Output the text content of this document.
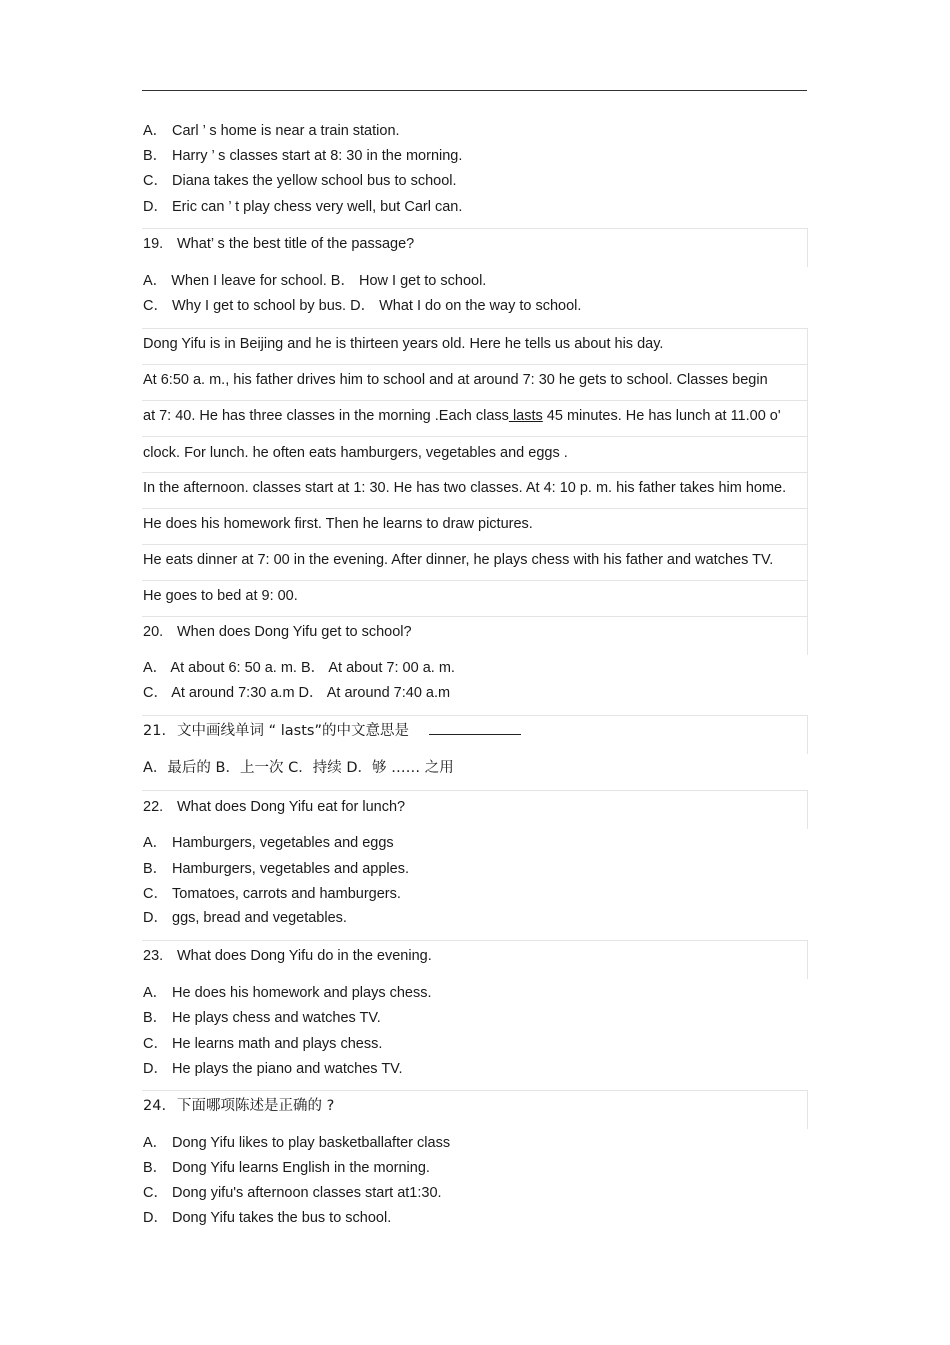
A． Carl ’ s home is near a train station.
B． Harry ’ s classes start at 8: 30 in the morning.
C． Diana takes the yellow school bus to school.
D． Eric can ’ t play chess very well, but Carl can.
19. What’ s the best title of the passage?
A． When I leave for school. B． How I get to school.
C． Why I get to school by bus. D． What I do on the way to school.
Dong Yifu is in Beijing and he is thirteen years old. Here he tells us about his day.
At 6:50 a. m., his father drives him to school and at around 7: 30 he gets to school. Classes begin
at 7: 40. He has three classes in the morning .Each class lasts 45 minutes. He has lunch at 11.00 o'
clock. For lunch. he often eats hamburgers, vegetables and eggs .
In the afternoon. classes start at 1: 30. He has two classes. At 4: 10 p. m. his father takes him home.
He does his homework first. Then he learns to draw pictures.
He eats dinner at 7: 00 in the evening. After dinner, he plays chess with his father and watches TV.
He goes to bed at 9: 00.
20. When does Dong Yifu get to school?
A． At about 6: 50 a. m. B． At about 7: 00 a. m.
C． At around 7:30 a.m D． At around 7:40 a.m
21. 文中画线单词 “ lasts”的中文意思是
A．最后的 B．上一次 C．持续 D．够 …… 之用
22. What does Dong Yifu eat for lunch?
A． Hamburgers, vegetables and eggs
B． Hamburgers, vegetables and apples.
C． Tomatoes, carrots and hamburgers.
D． ggs, bread and vegetables.
23. What does Dong Yifu do in the evening.
A． He does his homework and plays chess.
B． He plays chess and watches TV.
C． He learns math and plays chess.
D． He plays the piano and watches TV.
24. 下面哪项陈述是正确的 ?
A． Dong Yifu likes to play basketballafter class
B． Dong Yifu learns English in the morning.
C． Dong yifu's afternoon classes start at1:30.
D． Dong Yifu takes the bus to school.
